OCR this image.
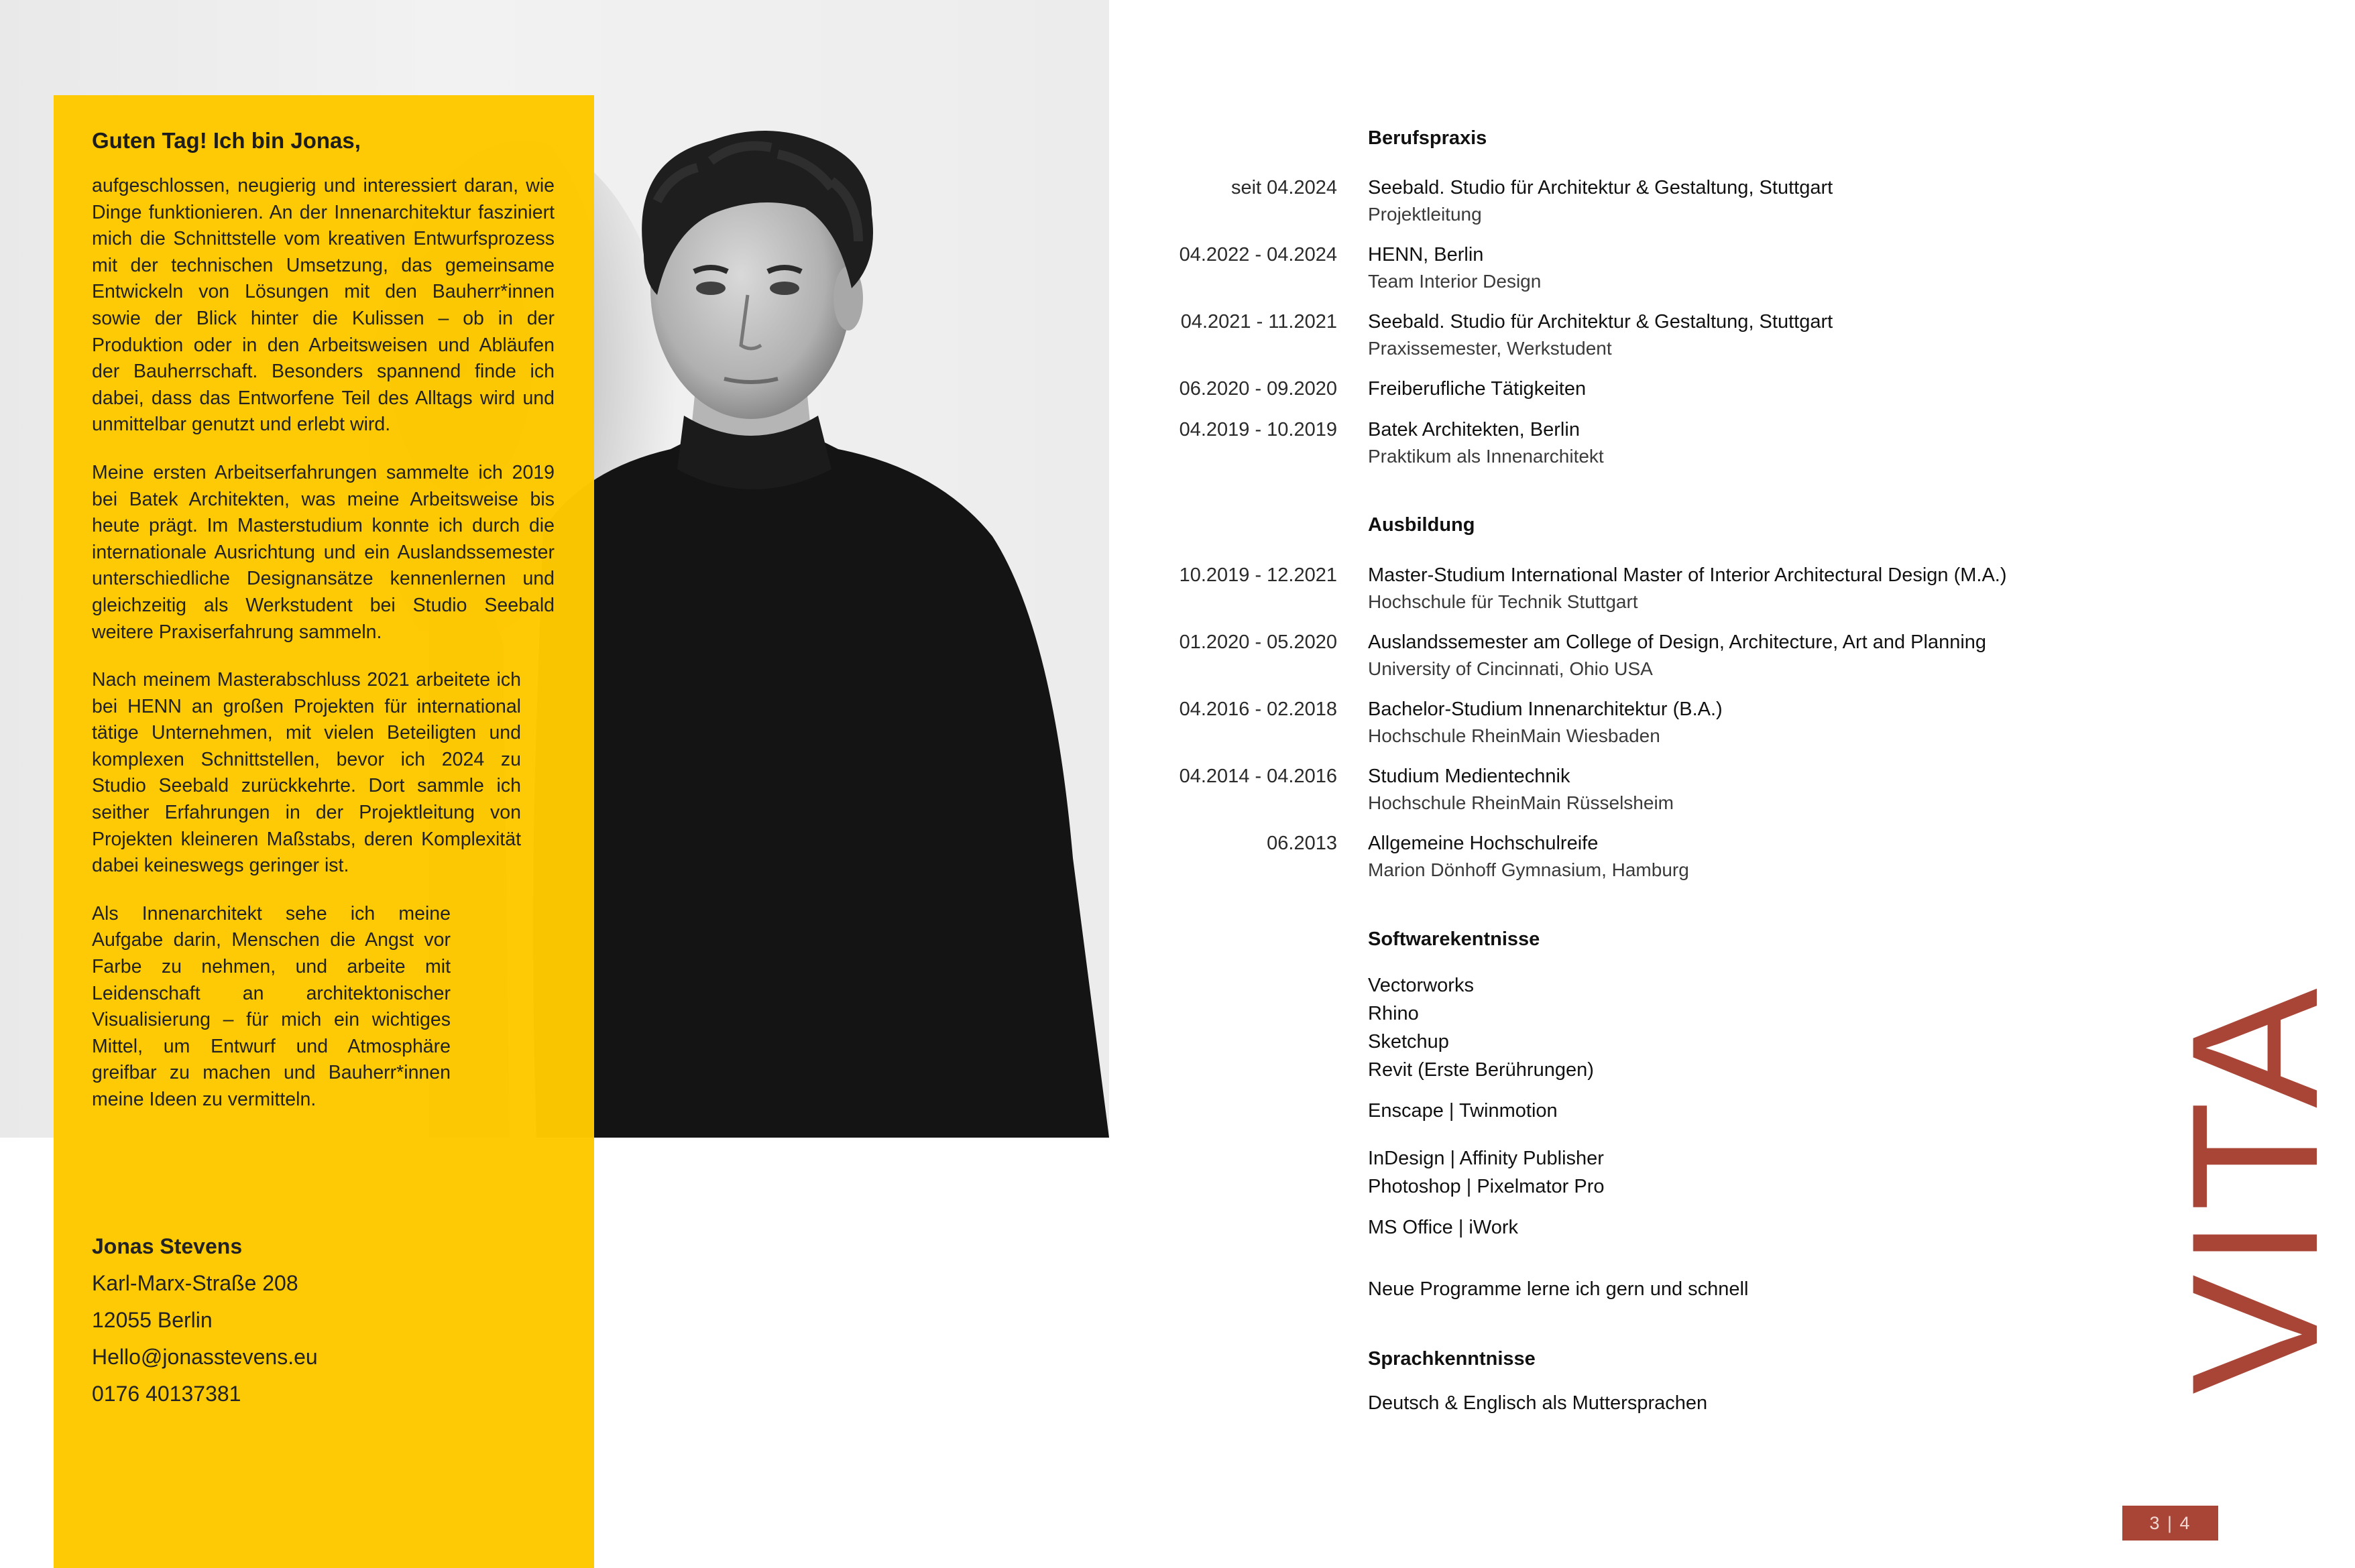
Guten Tag! Ich bin Jonas,

aufgeschlossen, neugierig und interessiert daran, wie Dinge funktionieren. An der Innenarchitektur fasziniert mich die Schnittstelle vom kreativen Entwurfsprozess mit der technischen Umsetzung, das gemeinsame Entwickeln von Lösungen mit den Bauherr*innen sowie der Blick hinter die Kulissen – ob in der Produktion oder in den Arbeitsweisen und Abläufen der Bauherrschaft. Besonders spannend finde ich dabei, dass das Entworfene Teil des Alltags wird und unmittelbar genutzt und erlebt wird.

Meine ersten Arbeitserfahrungen sammelte ich 2019 bei Batek Architekten, was meine Arbeitsweise bis heute prägt. Im Masterstudium konnte ich durch die internationale Ausrichtung und ein Auslandssemester unterschiedliche Designansätze kennenlernen und gleichzeitig als Werkstudent bei Studio Seebald weitere Praxiserfahrung sammeln.

Nach meinem Masterabschluss 2021 arbeitete ich bei HENN an großen Projekten für international tätige Unternehmen, mit vielen Beteiligten und komplexen Schnittstellen, bevor ich 2024 zu Studio Seebald zurückkehrte. Dort sammle ich seither Erfahrungen in der Projektleitung von Projekten kleineren Maßstabs, deren Komplexität dabei keineswegs geringer ist.

Als Innenarchitekt sehe ich meine Aufgabe darin, Menschen die Angst vor Farbe zu nehmen, und arbeite mit Leidenschaft an architektonischer Visualisierung – für mich ein wichtiges Mittel, um Entwurf und Atmosphäre greifbar zu machen und Bauherr*innen meine Ideen zu vermitteln.

Jonas Stevens
Karl-Marx-Straße 208
12055 Berlin
Hello@jonasstevens.eu
0176 40137381
Berufspraxis
seit 04.2024 Seebald. Studio für Architektur & Gestaltung, Stuttgart
Projektleitung
04.2022 - 04.2024 HENN, Berlin
Team Interior Design
04.2021 - 11.2021 Seebald. Studio für Architektur & Gestaltung, Stuttgart
Praxissemester, Werkstudent
06.2020 - 09.2020 Freiberufliche Tätigkeiten
04.2019 - 10.2019 Batek Architekten, Berlin
Praktikum als Innenarchitekt
Ausbildung
10.2019 - 12.2021 Master-Studium International Master of Interior Architectural Design (M.A.)
Hochschule für Technik Stuttgart
01.2020 - 05.2020 Auslandssemester am College of Design, Architecture, Art and Planning
University of Cincinnati, Ohio USA
04.2016 - 02.2018 Bachelor-Studium Innenarchitektur (B.A.)
Hochschule RheinMain Wiesbaden
04.2014 - 04.2016 Studium Medientechnik
Hochschule RheinMain Rüsselsheim
06.2013 Allgemeine Hochschulreife
Marion Dönhoff Gymnasium, Hamburg
Softwarekentnisse
Vectorworks
Rhino
Sketchup
Revit (Erste Berührungen)
Enscape | Twinmotion
InDesign | Affinity Publisher
Photoshop | Pixelmator Pro
MS Office | iWork
Neue Programme lerne ich gern und schnell
Sprachkenntnisse
Deutsch & Englisch als Muttersprachen
VITA
3 | 4
